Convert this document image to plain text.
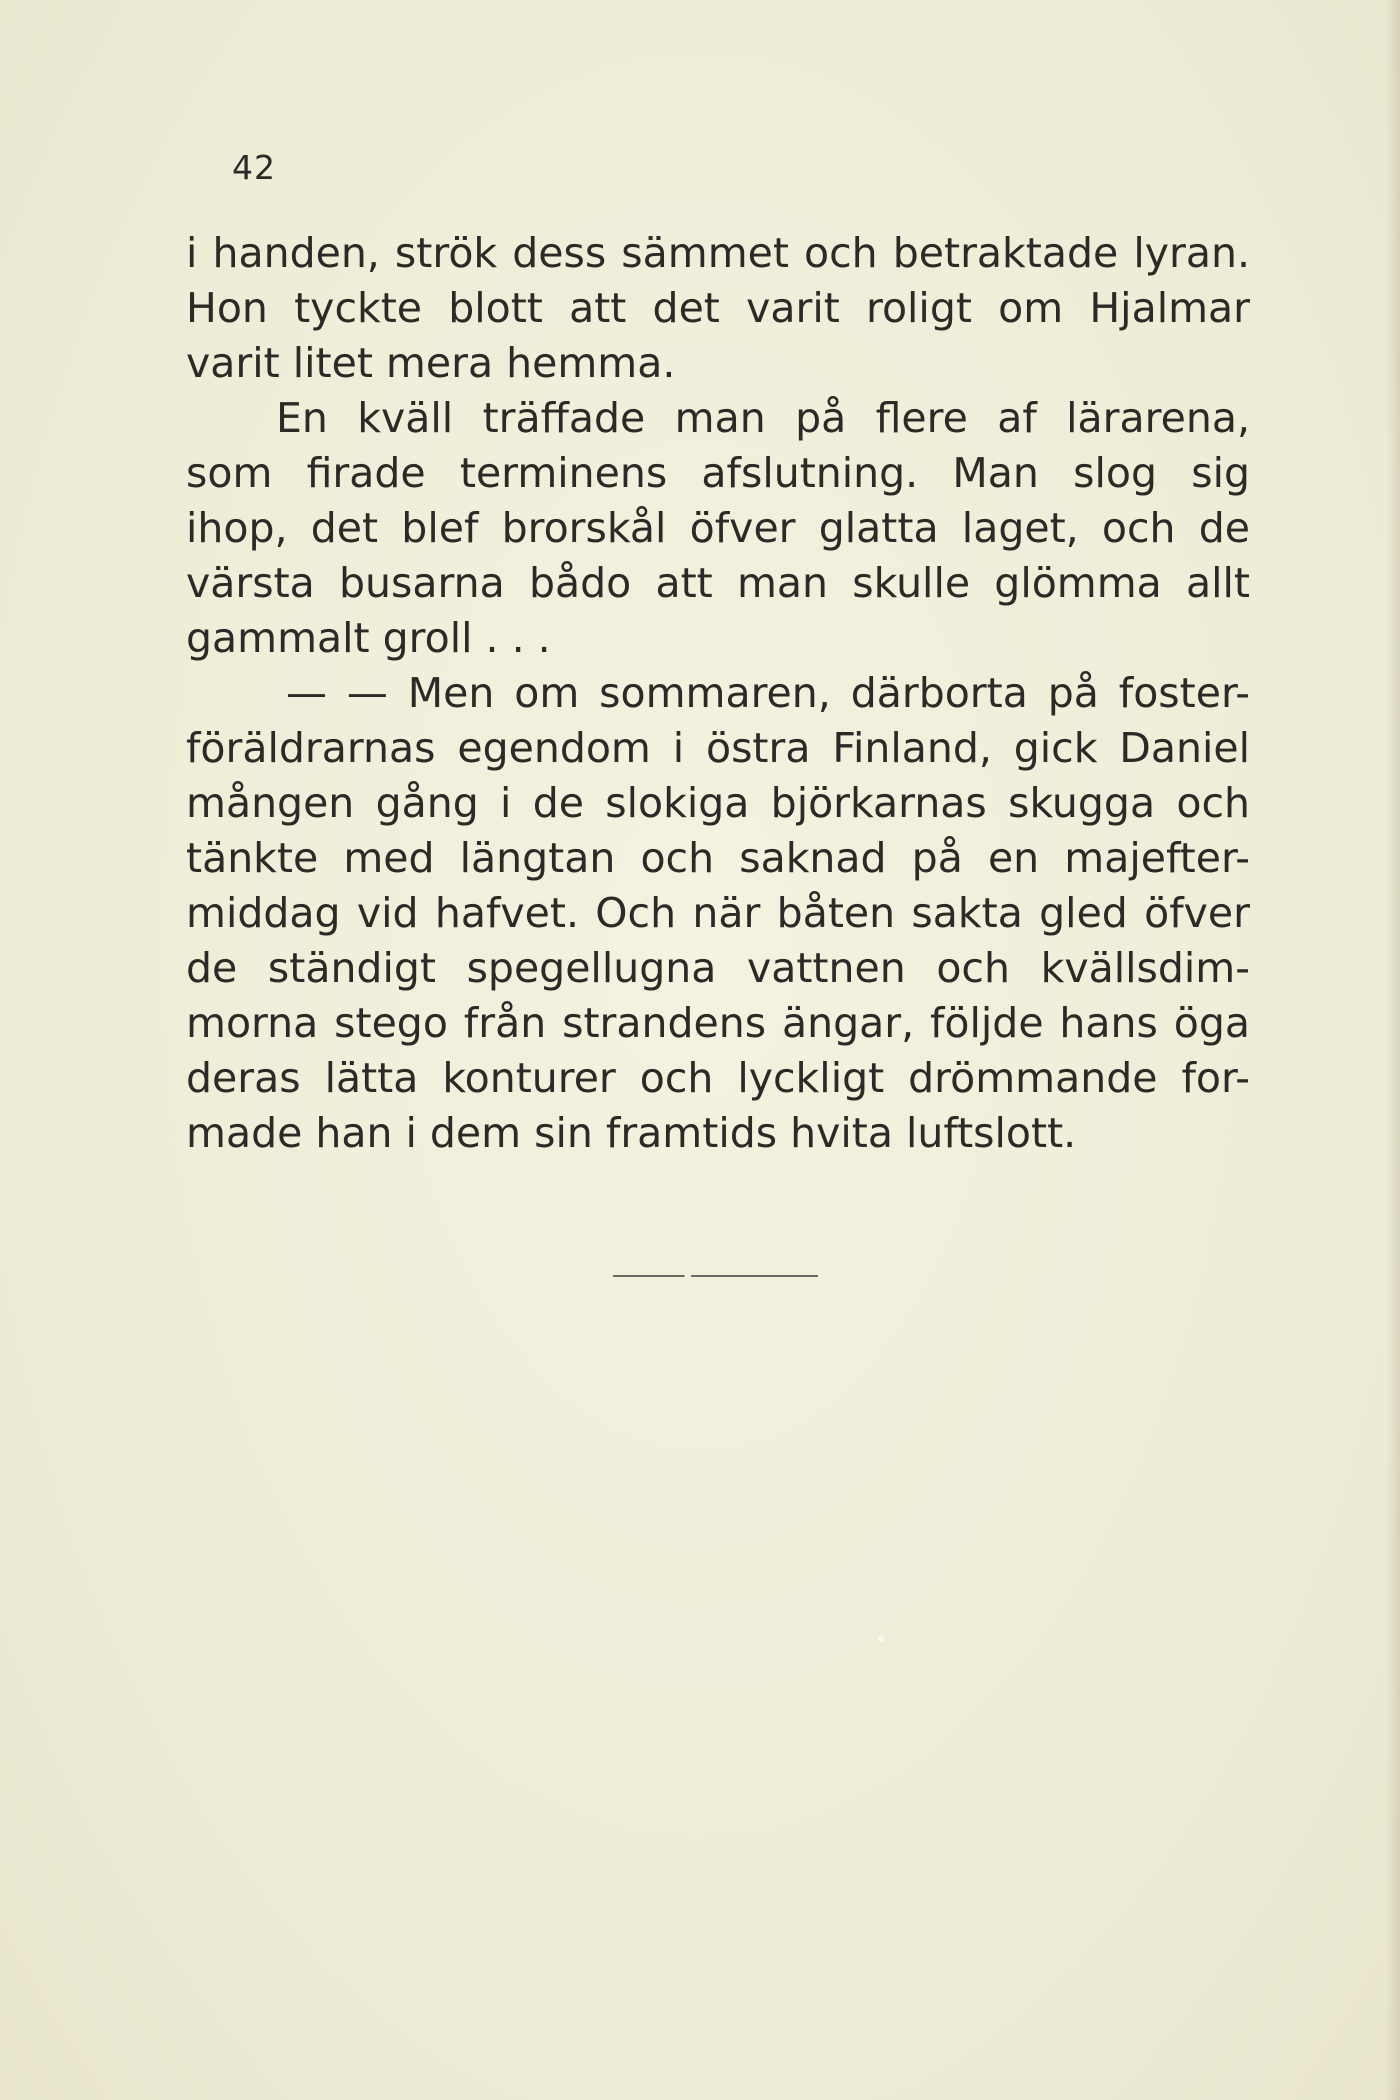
42
i handen, strök dess sämmet och betraktade lyran.
Hon tyckte blott att det varit roligt om Hjalmar
varit litet mera hemma.
En kväll träffade man på flere af lärarena,
som firade terminens afslutning. Man slog sig
ihop, det blef brorskål öfver glatta laget, och de
värsta busarna bådo att man skulle glömma allt
gammalt groll . . .
— — Men om sommaren, därborta på foster-
föräldrarnas egendom i östra Finland, gick Daniel
mången gång i de slokiga björkarnas skugga och
tänkte med längtan och saknad på en majefter-
middag vid hafvet. Och när båten sakta gled öfver
de ständigt spegellugna vattnen och kvällsdim-
morna stego från strandens ängar, följde hans öga
deras lätta konturer och lyckligt drömmande for-
made han i dem sin framtids hvita luftslott.
